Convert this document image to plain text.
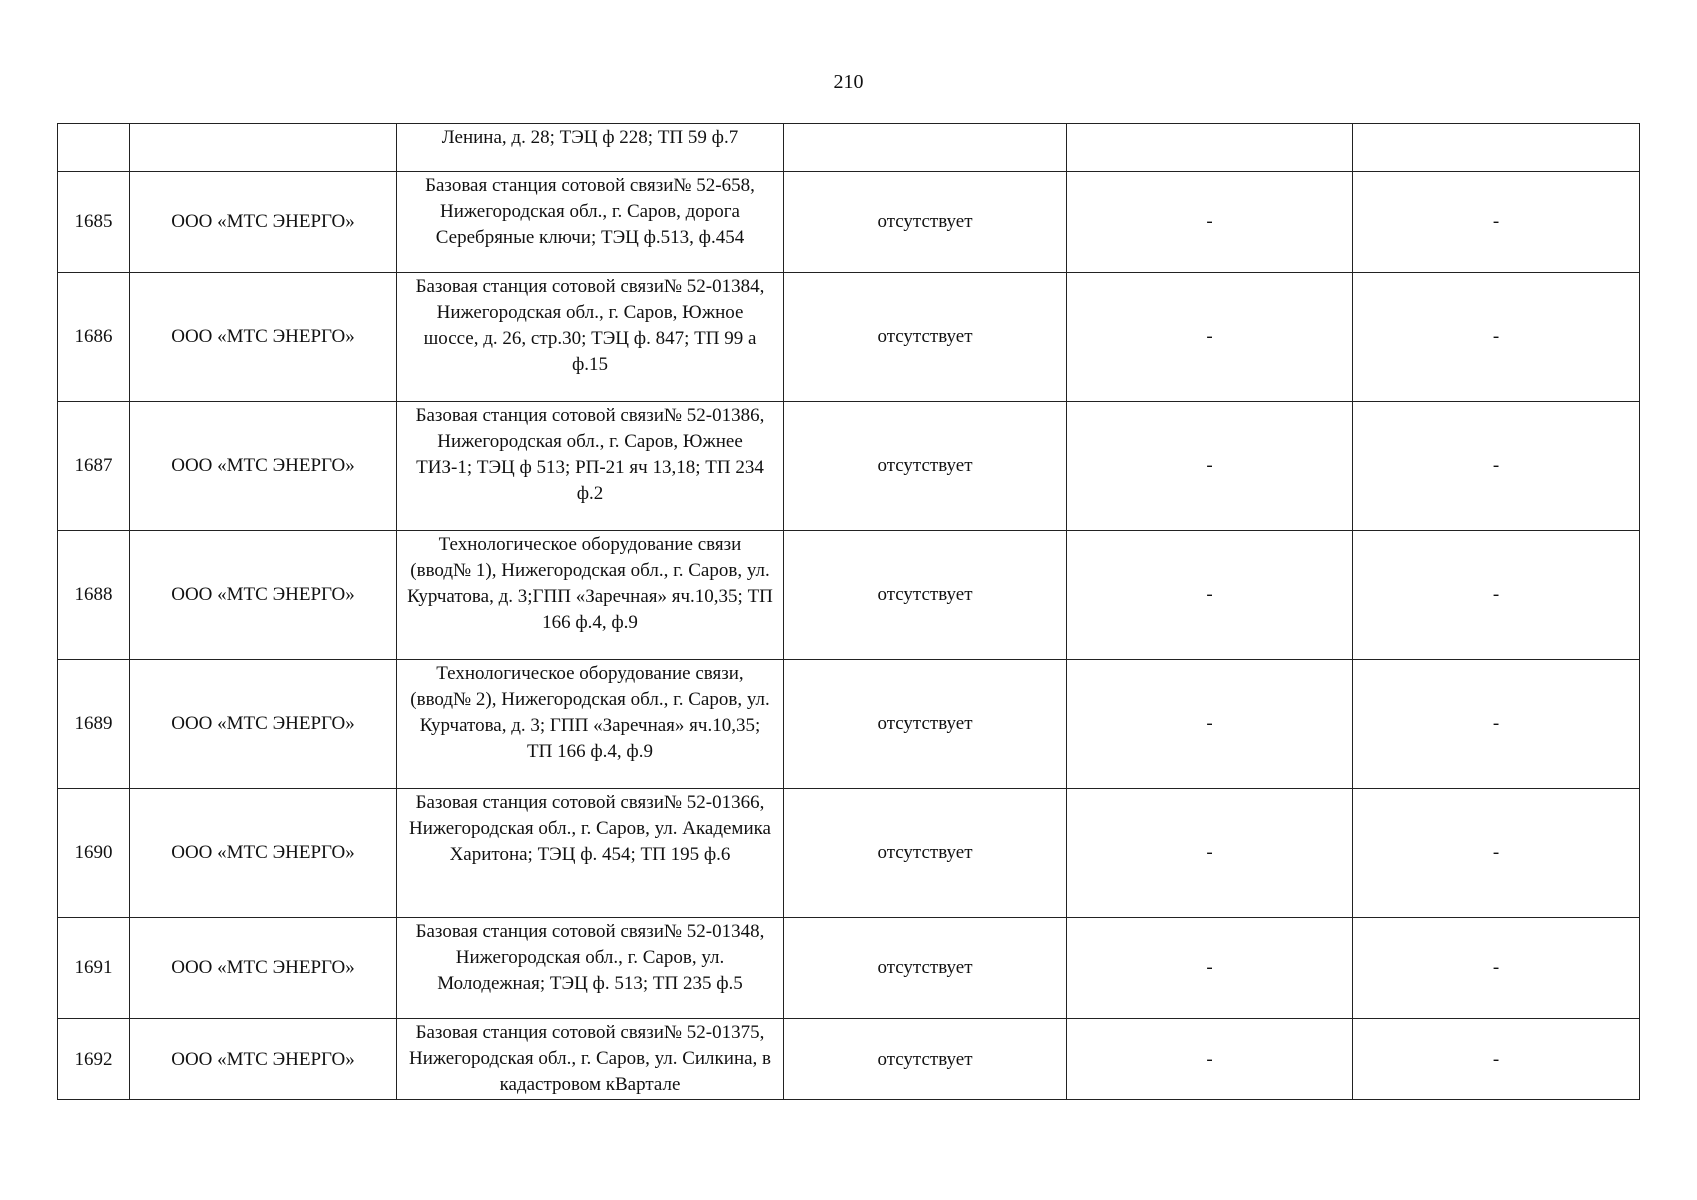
210
		Ленина, д. 28; ТЭЦ ф 228; ТП 59 ф.7			
1685	ООО «МТС ЭНЕРГО»	Базовая станция сотовой связи№ 52-658, Нижегородская обл., г. Саров, дорога Серебряные ключи; ТЭЦ ф.513, ф.454	отсутствует	-	-
1686	ООО «МТС ЭНЕРГО»	Базовая станция сотовой связи№ 52-01384, Нижегородская обл., г. Саров, Южное шоссе, д. 26, стр.30; ТЭЦ ф. 847; ТП 99 а ф.15	отсутствует	-	-
1687	ООО «МТС ЭНЕРГО»	Базовая станция сотовой связи№ 52-01386, Нижегородская обл., г. Саров, Южнее ТИЗ-1; ТЭЦ ф 513; РП-21 яч 13,18; ТП 234 ф.2	отсутствует	-	-
1688	ООО «МТС ЭНЕРГО»	Технологическое оборудование связи (ввод№ 1), Нижегородская обл., г. Саров, ул. Курчатова, д. 3;ГПП «Заречная» яч.10,35; ТП 166 ф.4, ф.9	отсутствует	-	-
1689	ООО «МТС ЭНЕРГО»	Технологическое оборудование связи, (ввод№ 2), Нижегородская обл., г. Саров, ул. Курчатова, д. 3; ГПП «Заречная» яч.10,35; ТП 166 ф.4, ф.9	отсутствует	-	-
1690	ООО «МТС ЭНЕРГО»	Базовая станция сотовой связи№ 52-01366, Нижегородская обл., г. Саров, ул. Академика Харитона; ТЭЦ ф. 454; ТП 195 ф.6	отсутствует	-	-
1691	ООО «МТС ЭНЕРГО»	Базовая станция сотовой связи№ 52-01348, Нижегородская обл., г. Саров, ул. Молодежная; ТЭЦ ф. 513; ТП 235 ф.5	отсутствует	-	-
1692	ООО «МТС ЭНЕРГО»	Базовая станция сотовой связи№ 52-01375, Нижегородская обл., г. Саров, ул. Силкина, в кадастровом кВартале	отсутствует	-	-
